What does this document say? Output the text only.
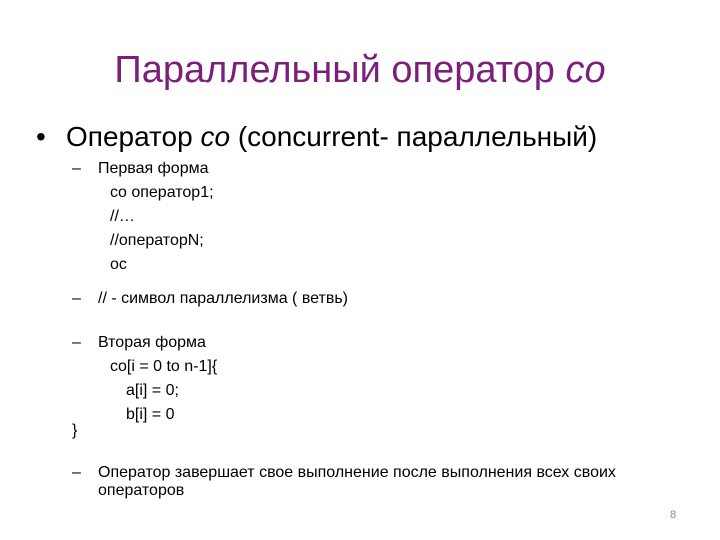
Параллельный оператор co
• Оператор co (concurrent- параллельный)
– Первая форма
co оператор1;
//…
//операторN;
oc
– // - символ параллелизма ( ветвь)
– Вторая форма
co[i = 0 to n-1]{
a[i] = 0;
b[i] = 0
}
– Оператор завершает свое выполнение после выполнения всех своих
операторов
8
